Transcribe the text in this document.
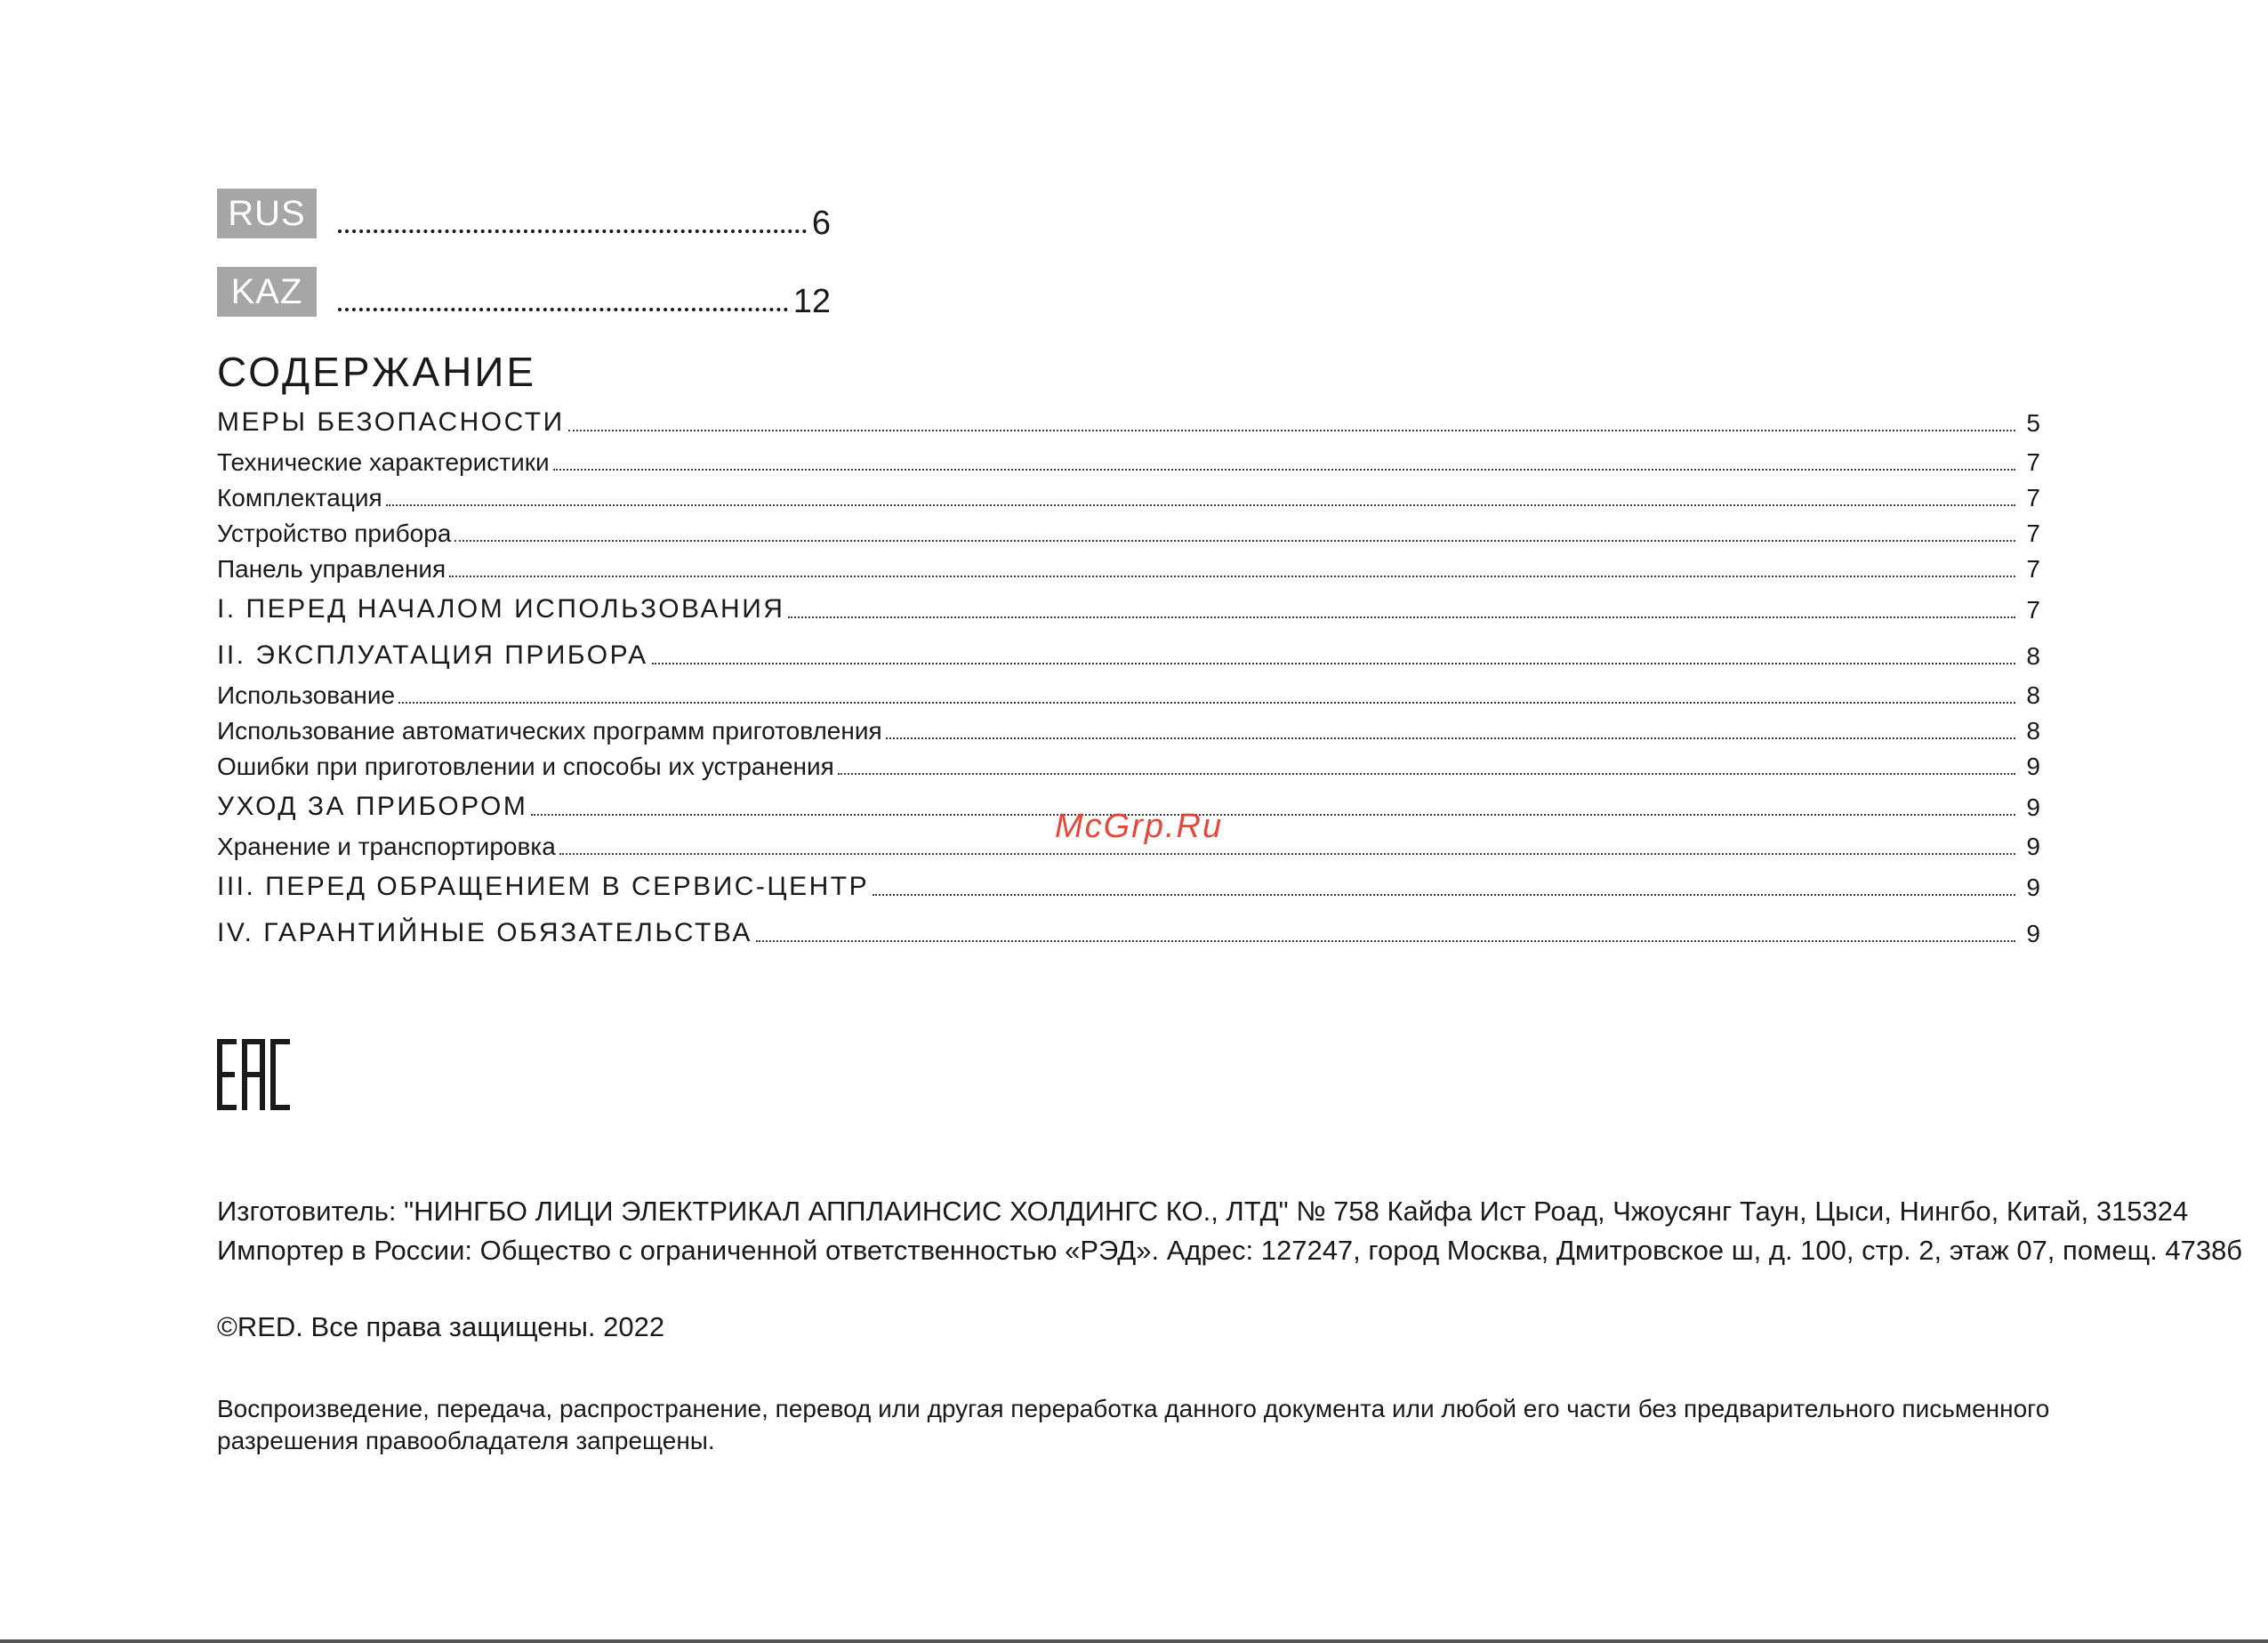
RUS	6
KAZ	12
СОДЕРЖАНИЕ
МЕРЫ БЕЗОПАСНОСТИ	5
Технические характеристики	7
Комплектация	7
Устройство прибора	7
Панель управления	7
I. ПЕРЕД НАЧАЛОМ ИСПОЛЬЗОВАНИЯ	7
II. ЭКСПЛУАТАЦИЯ ПРИБОРА	8
Использование	8
Использование автоматических программ приготовления	8
Ошибки при приготовлении и способы их устранения	9
УХОД ЗА ПРИБОРОМ	9
Хранение и транспортировка	9
III. ПЕРЕД ОБРАЩЕНИЕМ В СЕРВИС-ЦЕНТР	9
IV. ГАРАНТИЙНЫЕ ОБЯЗАТЕЛЬСТВА	9
McGrp.Ru
Изготовитель: "НИНГБО ЛИЦИ ЭЛЕКТРИКАЛ АППЛАИНСИС ХОЛДИНГС КО., ЛТД" № 758 Кайфа Ист Роад, Чжоусянг Таун, Цыси, Нингбо, Китай, 315324
Импортер в России: Общество с ограниченной ответственностью «РЭД». Адрес: 127247, город Москва, Дмитровское ш, д. 100, стр. 2, этаж 07, помещ. 4738б
©RED. Все права защищены. 2022
Воспроизведение, передача, распространение, перевод или другая переработка данного документа или любой его части без предварительного письменного разрешения правообладателя запрещены.
